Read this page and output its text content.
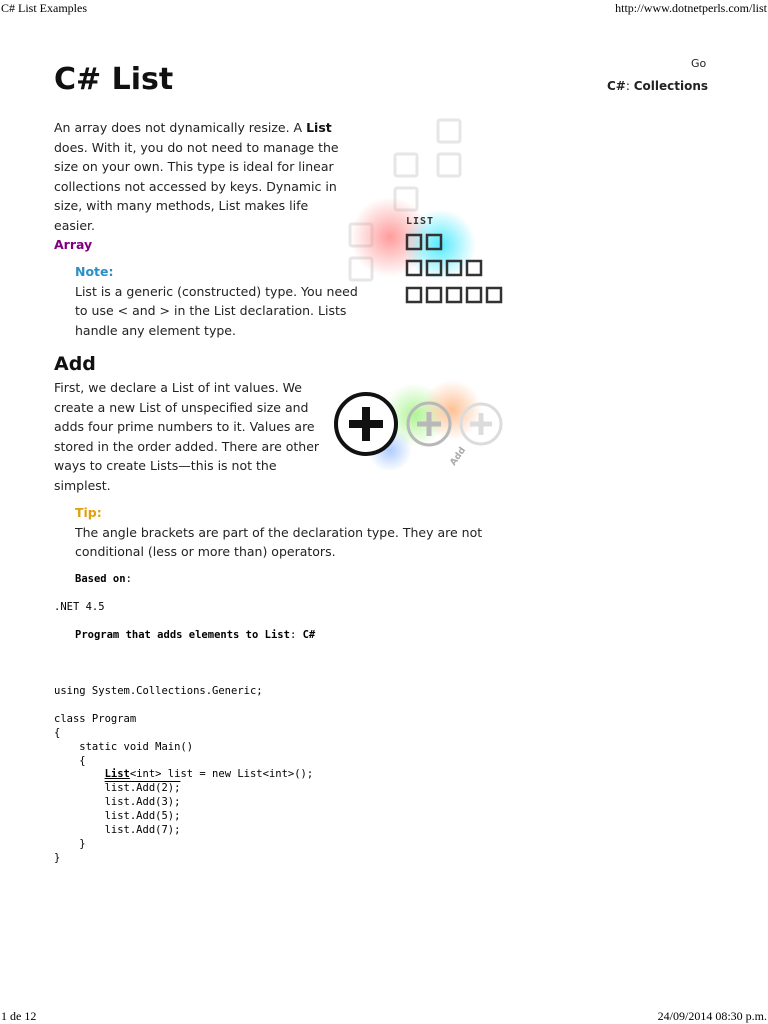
C# List Examples	http://www.dotnetperls.com/list
Go
C#: Collections
C# List

An array does not dynamically resize. A List does. With it, you do not need to manage the size on your own. This type is ideal for linear collections not accessed by keys. Dynamic in size, with many methods, List makes life easier.

Array
Note:
List is a generic (constructed) type. You need to use < and > in the List declaration. Lists handle any element type.
LIST
Add

First, we declare a List of int values. We create a new List of unspecified size and adds four prime numbers to it. Values are stored in the order added. There are other ways to create Lists—this is not the simplest.

Add
Tip:
The angle brackets are part of the declaration type. They are not conditional (less or more than) operators.
Based on:
.NET 4.5
Program that adds elements to List: C#
using System.Collections.Generic;

class Program
{
static void Main()
{
List<int> list = new List<int>();
list.Add(2);
list.Add(3);
list.Add(5);
list.Add(7);
}
}
1 de 12	24/09/2014 08:30 p.m.
